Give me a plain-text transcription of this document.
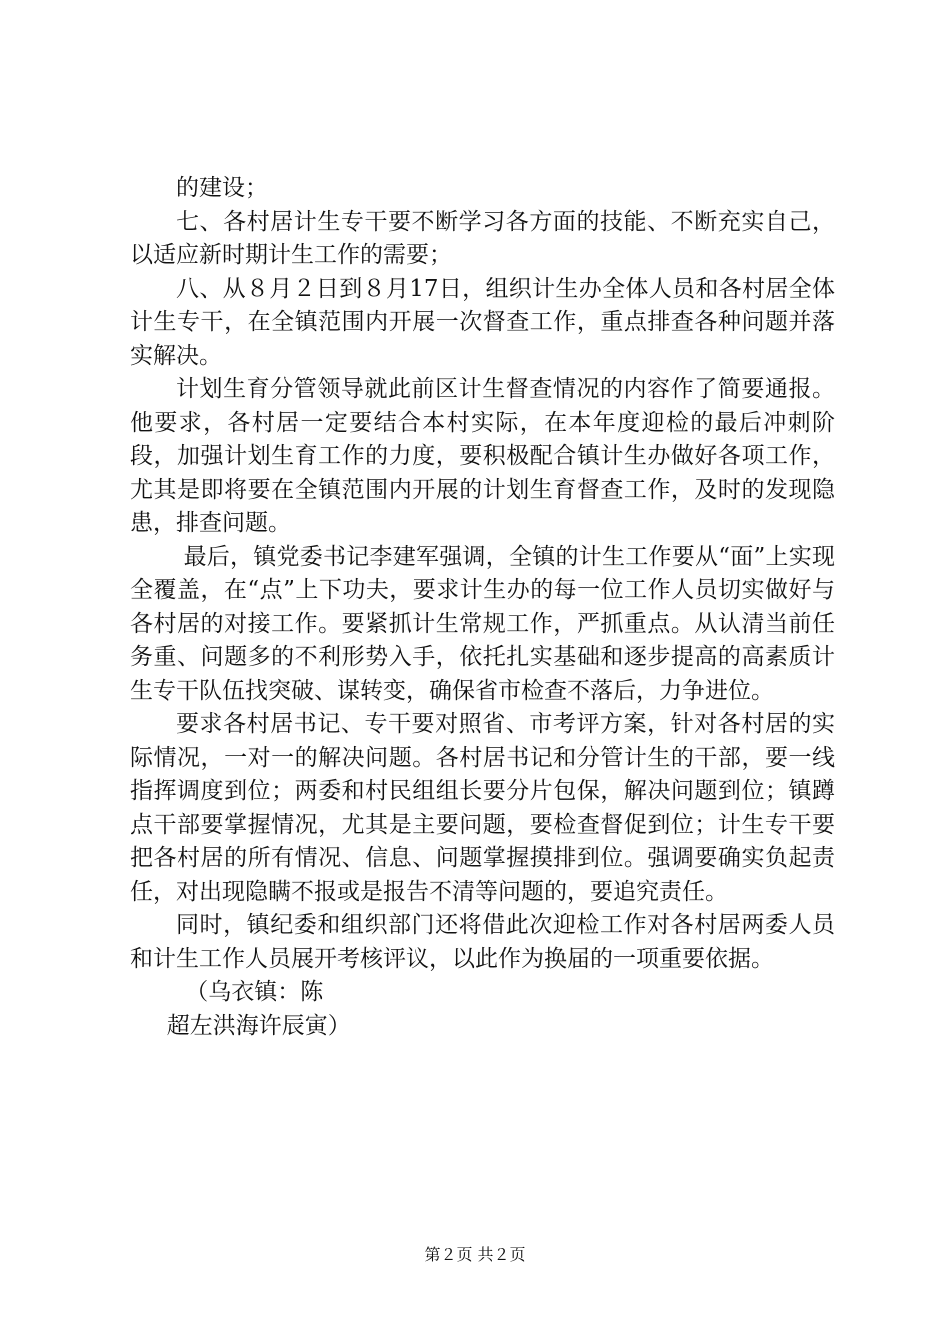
的建设；

七、各村居计生专干要不断学习各方面的技能、不断充实自己，以适应新时期计生工作的需要；

八、从８月２日到８月17日，组织计生办全体人员和各村居全体计生专干，在全镇范围内开展一次督查工作，重点排查各种问题并落实解决。

计划生育分管领导就此前区计生督查情况的内容作了简要通报。他要求，各村居一定要结合本村实际，在本年度迎检的最后冲刺阶段，加强计划生育工作的力度，要积极配合镇计生办做好各项工作，尤其是即将要在全镇范围内开展的计划生育督查工作，及时的发现隐患，排查问题。

最后，镇党委书记李建军强调，全镇的计生工作要从“面”上实现全覆盖，在“点”上下功夫，要求计生办的每一位工作人员切实做好与各村居的对接工作。要紧抓计生常规工作，严抓重点。从认清当前任务重、问题多的不利形势入手，依托扎实基础和逐步提高的高素质计生专干队伍找突破、谋转变，确保省市检查不落后，力争进位。

要求各村居书记、专干要对照省、市考评方案，针对各村居的实际情况，一对一的解决问题。各村居书记和分管计生的干部，要一线指挥调度到位；两委和村民组组长要分片包保，解决问题到位；镇蹲点干部要掌握情况，尤其是主要问题，要检查督促到位；计生专干要把各村居的所有情况、信息、问题掌握摸排到位。强调要确实负起责任，对出现隐瞒不报或是报告不清等问题的，要追究责任。

同时，镇纪委和组织部门还将借此次迎检工作对各村居两委人员和计生工作人员展开考核评议，以此作为换届的一项重要依据。

（乌衣镇：陈

超左洪海许辰寅）

第２页 共２页
